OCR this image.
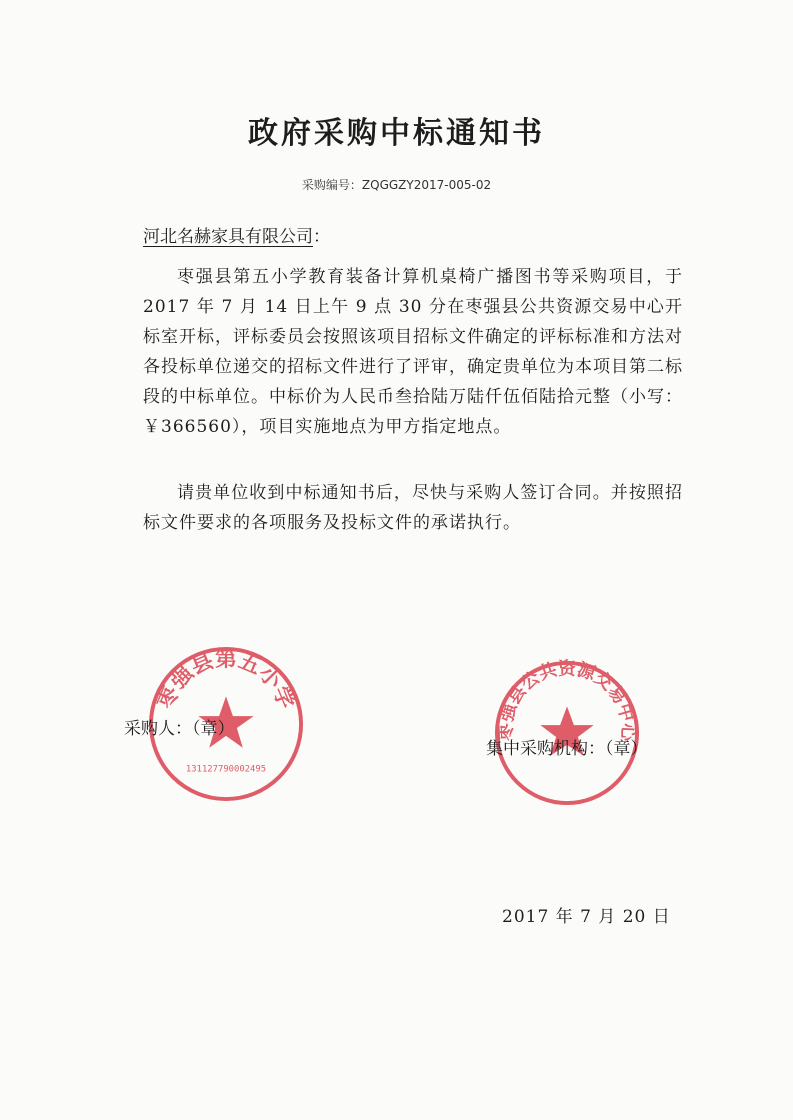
政府采购中标通知书
采购编号：ZQGGZY2017-005-02
河北名赫家具有限公司：
枣强县第五小学教育装备计算机桌椅广播图书等采购项目，于 2017 年 7 月 14 日上午 9 点 30 分在枣强县公共资源交易中心开标室开标，评标委员会按照该项目招标文件确定的评标标准和方法对各投标单位递交的招标文件进行了评审，确定贵单位为本项目第二标段的中标单位。中标价为人民币叁拾陆万陆仟伍佰陆拾元整（小写：￥366560），项目实施地点为甲方指定地点。
请贵单位收到中标通知书后，尽快与采购人签订合同。并按照招标文件要求的各项服务及投标文件的承诺执行。
枣强县第五小学
131127790002495
枣强县公共资源交易中心
采购人：（章）
集中采购机构：（章）
2017 年 7 月 20 日
